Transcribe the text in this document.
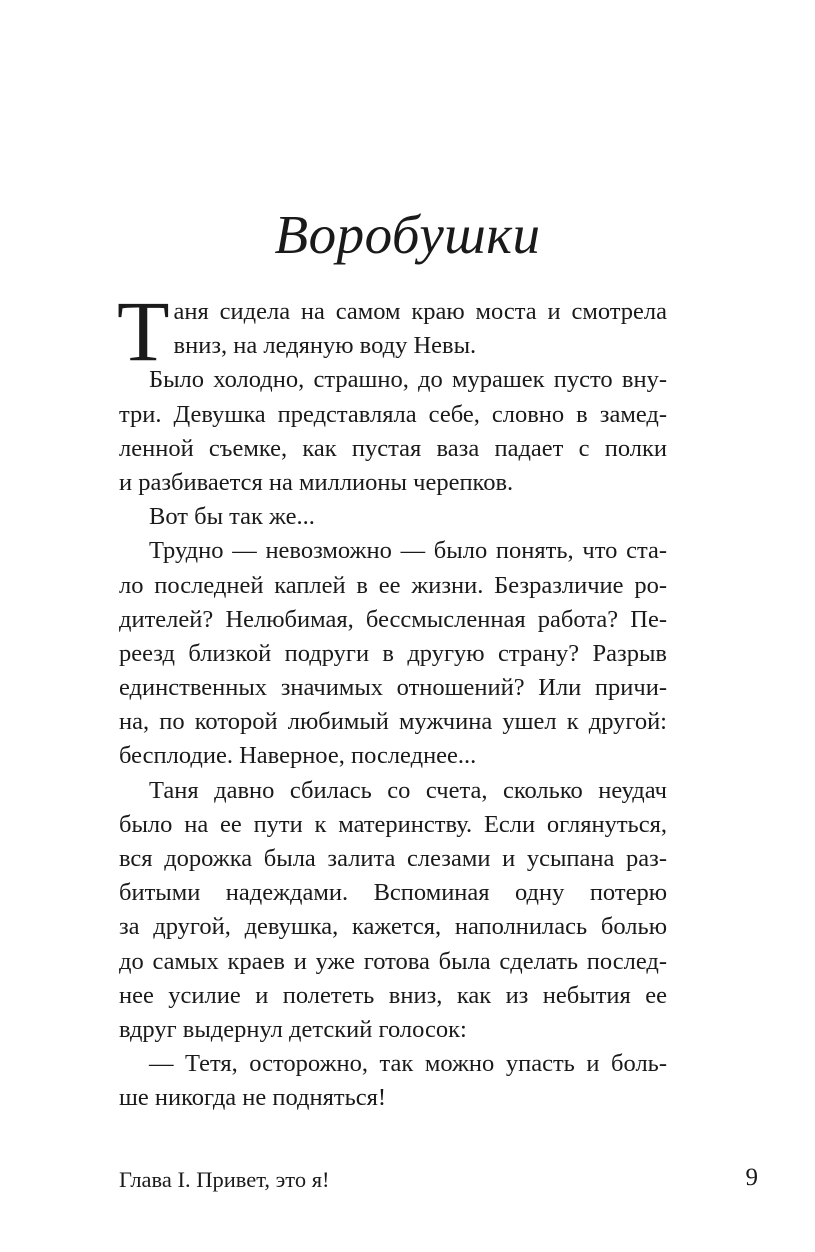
Воробушки
Т аня сидела на самом краю моста и смотрела
вниз, на ледяную воду Невы.
Было холодно, страшно, до мурашек пусто вну-
три. Девушка представляла себе, словно в замед-
ленной съемке, как пустая ваза падает с полки
и разбивается на миллионы черепков.
Вот бы так же...
Трудно — невозможно — было понять, что ста-
ло последней каплей в ее жизни. Безразличие ро-
дителей? Нелюбимая, бессмысленная работа? Пе-
реезд близкой подруги в другую страну? Разрыв
единственных значимых отношений? Или причи-
на, по которой любимый мужчина ушел к другой:
бесплодие. Наверное, последнее...
Таня давно сбилась со счета, сколько неудач
было на ее пути к материнству. Если оглянуться,
вся дорожка была залита слезами и усыпана раз-
битыми надеждами. Вспоминая одну потерю
за другой, девушка, кажется, наполнилась болью
до самых краев и уже готова была сделать послед-
нее усилие и полететь вниз, как из небытия ее
вдруг выдернул детский голосок:
— Тетя, осторожно, так можно упасть и боль-
ше никогда не подняться!
Глава I. Привет, это я!	9
